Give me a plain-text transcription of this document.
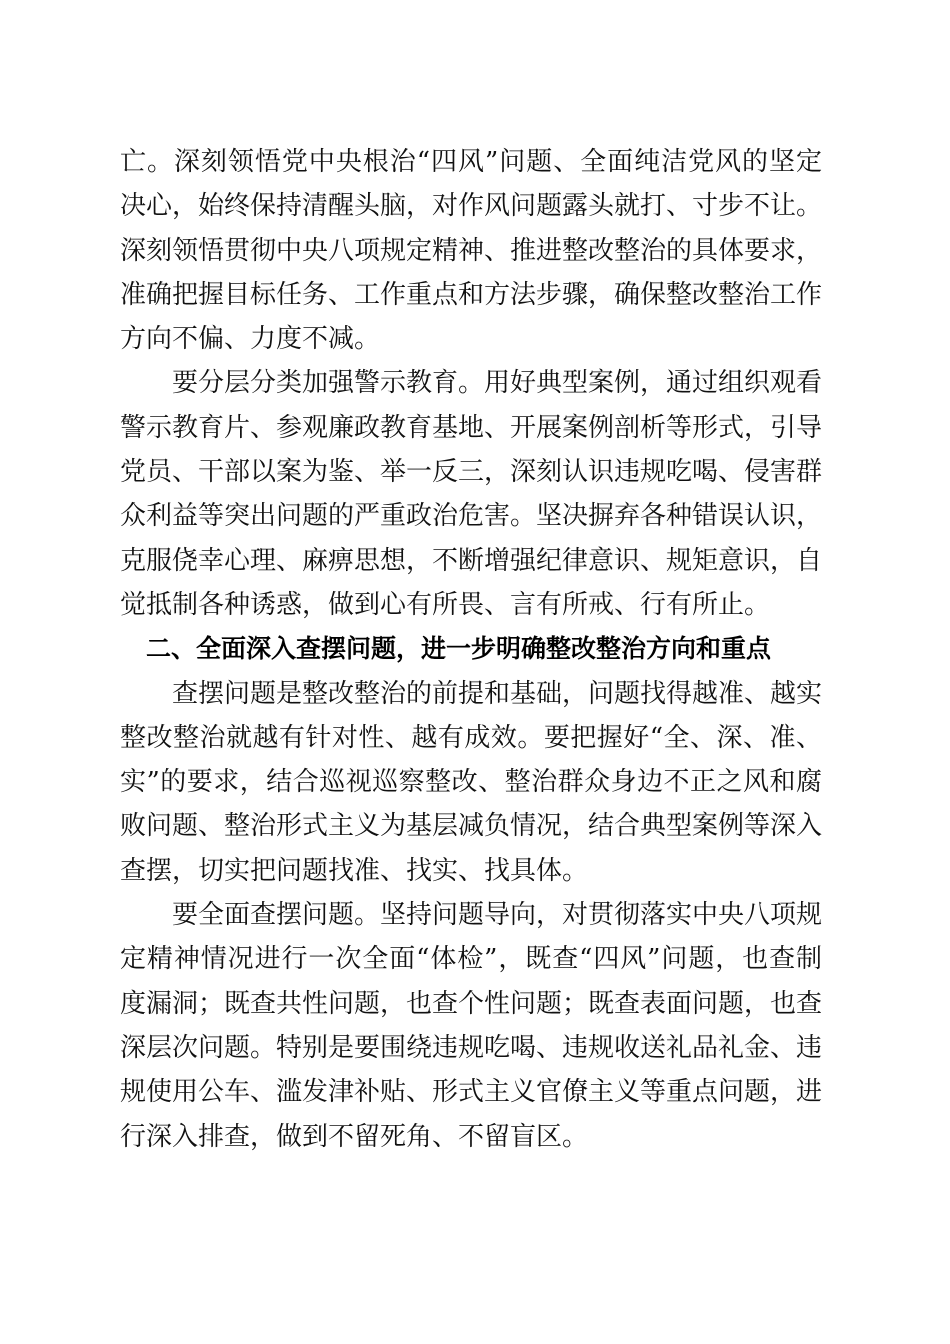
亡。深刻领悟党中央根治“四风”问题、全面纯洁党风的坚定决心，始终保持清醒头脑，对作风问题露头就打、寸步不让。深刻领悟贯彻中央八项规定精神、推进整改整治的具体要求，准确把握目标任务、工作重点和方法步骤，确保整改整治工作方向不偏、力度不减。

要分层分类加强警示教育。用好典型案例，通过组织观看警示教育片、参观廉政教育基地、开展案例剖析等形式，引导党员、干部以案为鉴、举一反三，深刻认识违规吃喝、侵害群众利益等突出问题的严重政治危害。坚决摒弃各种错误认识，克服侥幸心理、麻痹思想，不断增强纪律意识、规矩意识，自觉抵制各种诱惑，做到心有所畏、言有所戒、行有所止。

二、全面深入查摆问题，进一步明确整改整治方向和重点

查摆问题是整改整治的前提和基础，问题找得越准、越实整改整治就越有针对性、越有成效。要把握好“全、深、准、实”的要求，结合巡视巡察整改、整治群众身边不正之风和腐败问题、整治形式主义为基层减负情况，结合典型案例等深入查摆，切实把问题找准、找实、找具体。

要全面查摆问题。坚持问题导向，对贯彻落实中央八项规定精神情况进行一次全面“体检”，既查“四风”问题，也查制度漏洞；既查共性问题，也查个性问题；既查表面问题，也查深层次问题。特别是要围绕违规吃喝、违规收送礼品礼金、违规使用公车、滥发津补贴、形式主义官僚主义等重点问题，进行深入排查，做到不留死角、不留盲区。
